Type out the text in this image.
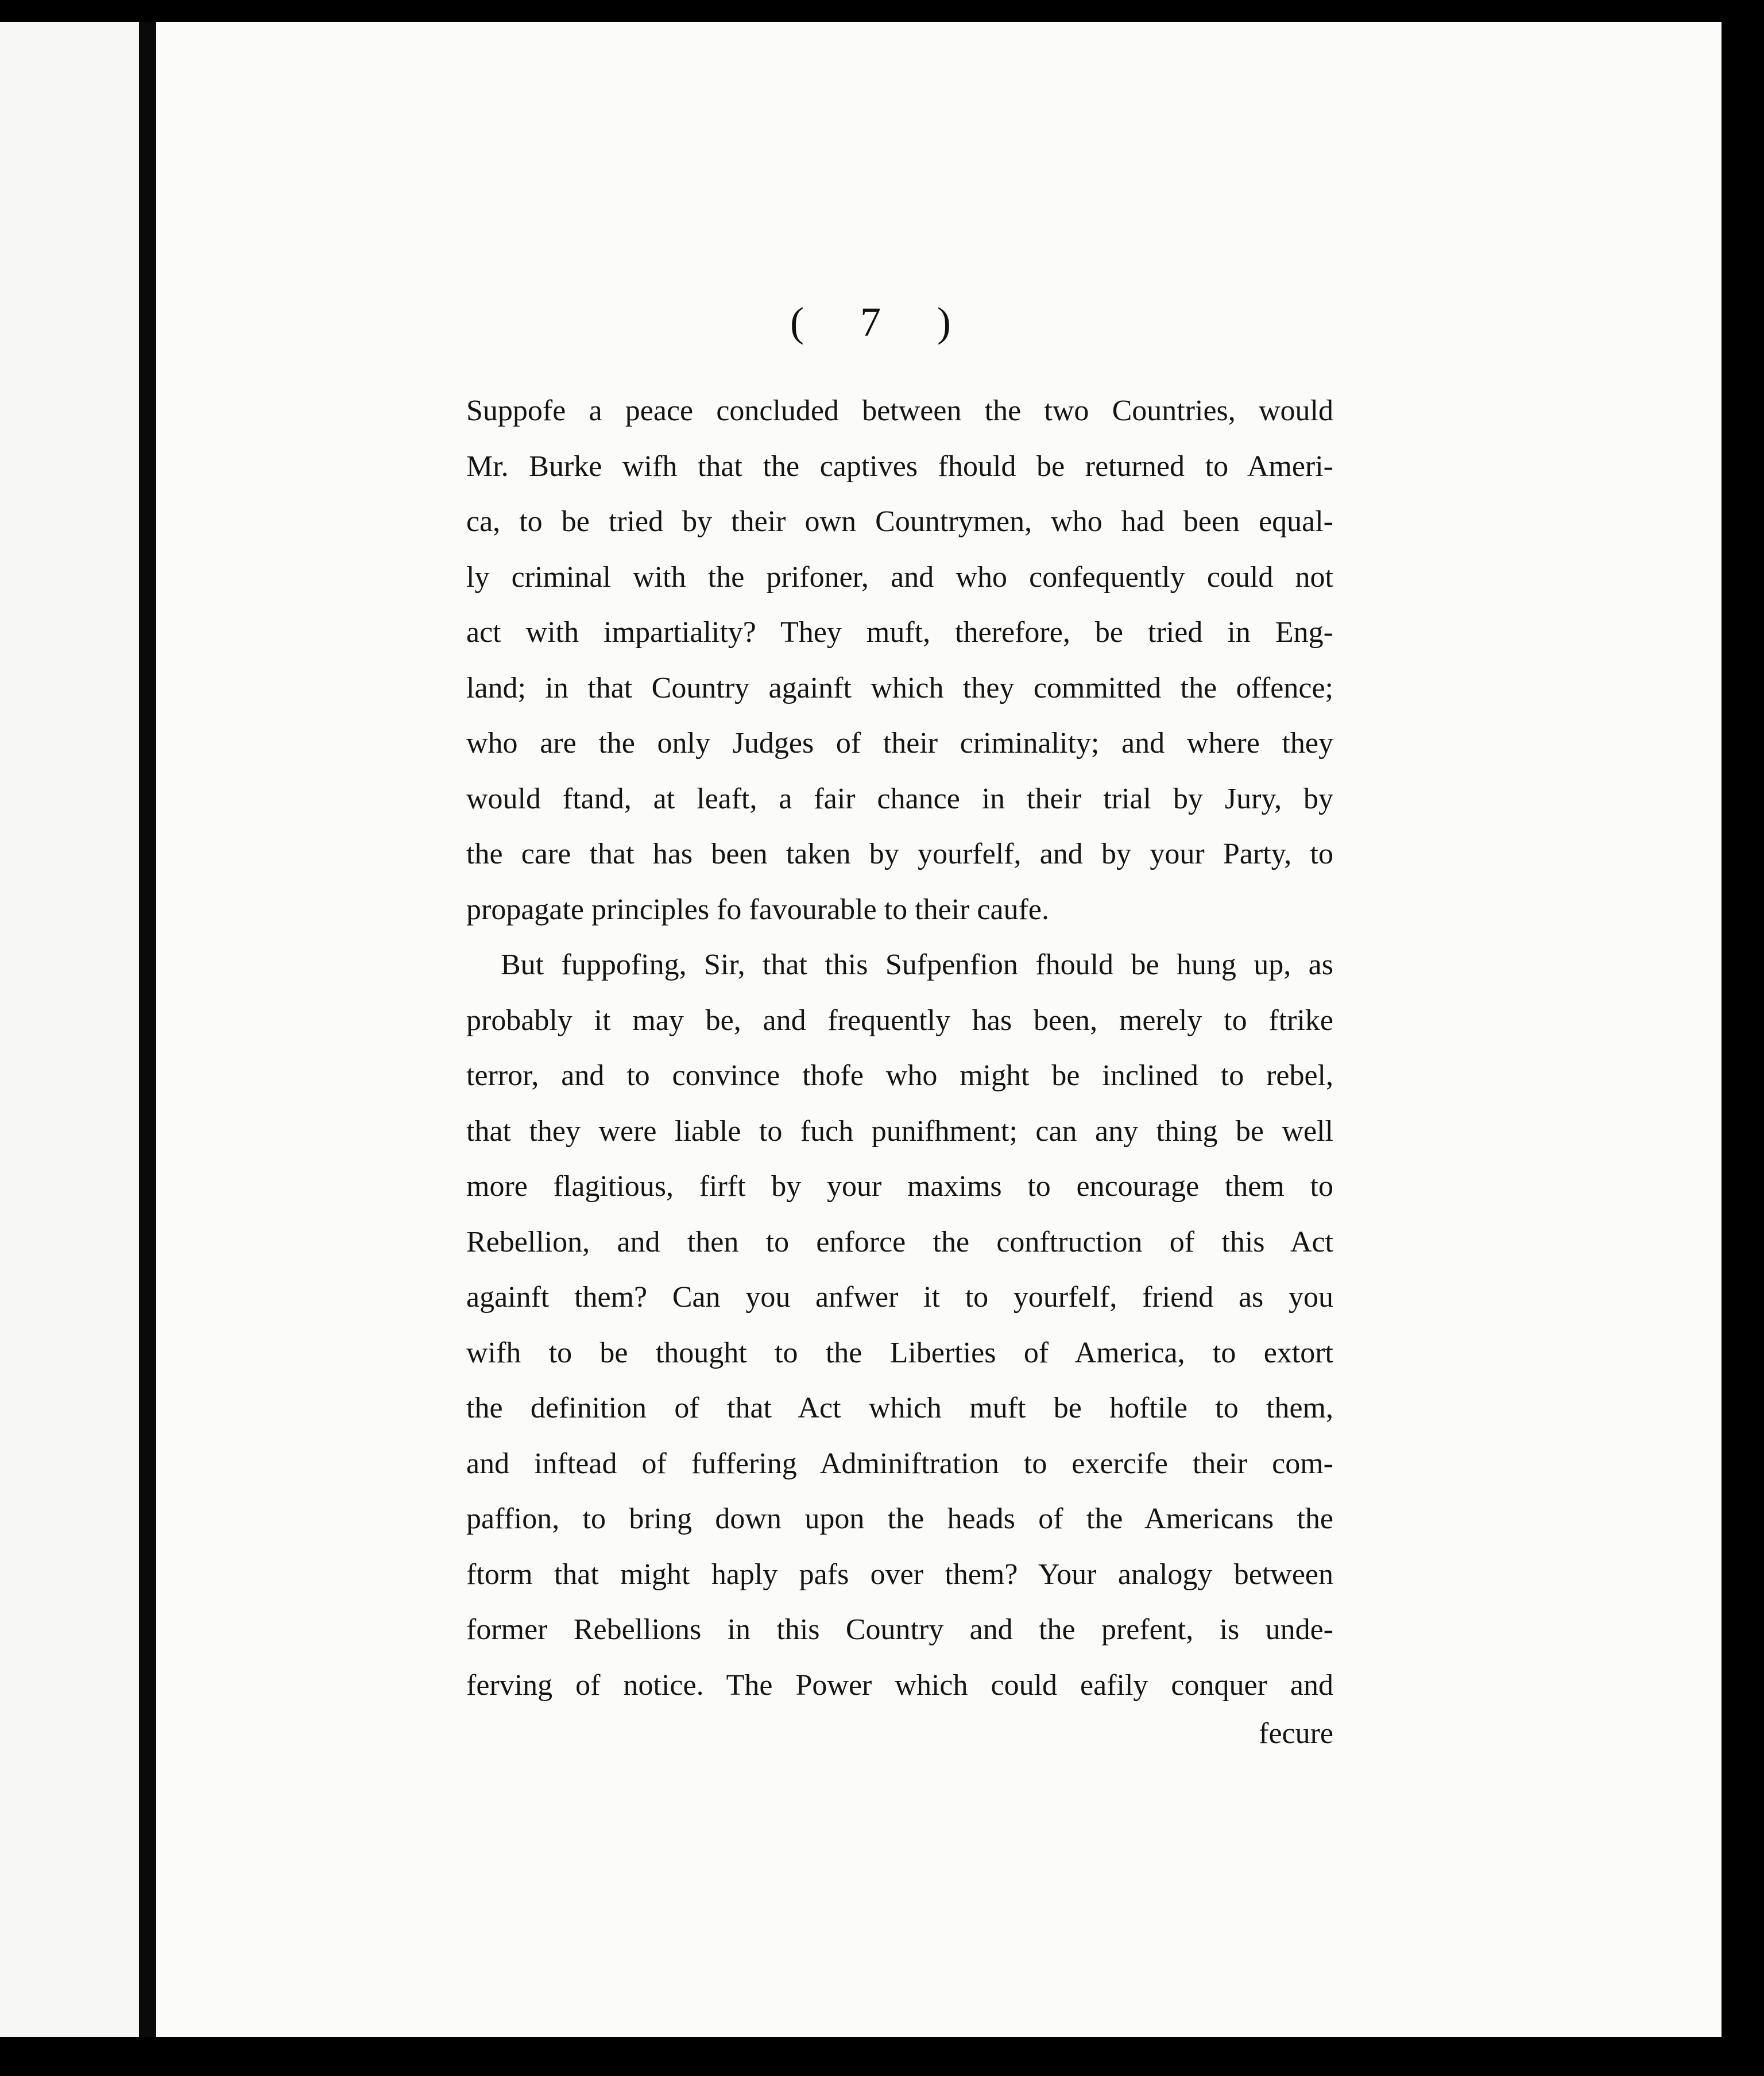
( 7 )
Suppofe a peace concluded between the two Countries, would
Mr. Burke wifh that the captives fhould be returned to Ameri-
ca, to be tried by their own Countrymen, who had been equal-
ly criminal with the prifoner, and who confequently could not
act with impartiality? They muft, therefore, be tried in Eng-
land; in that Country againft which they committed the offence;
who are the only Judges of their criminality; and where they
would ftand, at leaft, a fair chance in their trial by Jury, by
the care that has been taken by yourfelf, and by your Party, to
propagate principles fo favourable to their caufe.
But fuppofing, Sir, that this Sufpenfion fhould be hung up, as
probably it may be, and frequently has been, merely to ftrike
terror, and to convince thofe who might be inclined to rebel,
that they were liable to fuch punifhment; can any thing be well
more flagitious, firft by your maxims to encourage them to
Rebellion, and then to enforce the conftruction of this Act
againft them? Can you anfwer it to yourfelf, friend as you
wifh to be thought to the Liberties of America, to extort
the definition of that Act which muft be hoftile to them,
and inftead of fuffering Adminiftration to exercife their com-
paffion, to bring down upon the heads of the Americans the
ftorm that might haply pafs over them? Your analogy between
former Rebellions in this Country and the prefent, is unde-
ferving of notice. The Power which could eafily conquer and
fecure
